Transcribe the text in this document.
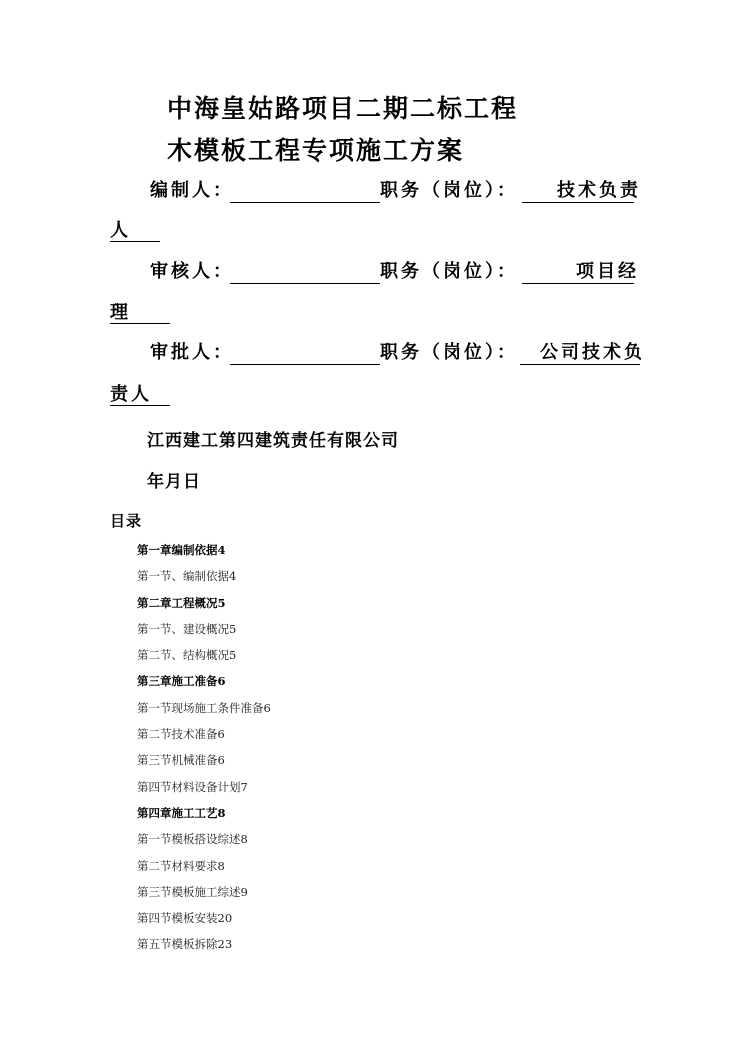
中海皇姑路项目二期二标工程
木模板工程专项施工方案
编制人：	职务（岗位）： 技术负责
人
审核人：	职务（岗位）：	项目经
理
审批人：	职务（岗位）： 公司技术负
责人
江西建工第四建筑责任有限公司
年月日
目录
第一章编制依据4
第一节、编制依据4
第二章工程概况5
第一节、建设概况5
第二节、结构概况5
第三章施工准备6
第一节现场施工条件准备6
第二节技术准备6
第三节机械准备6
第四节材料设备计划7
第四章施工工艺8
第一节模板搭设综述8
第二节材料要求8
第三节模板施工综述9
第四节模板安装20
第五节模板拆除23
